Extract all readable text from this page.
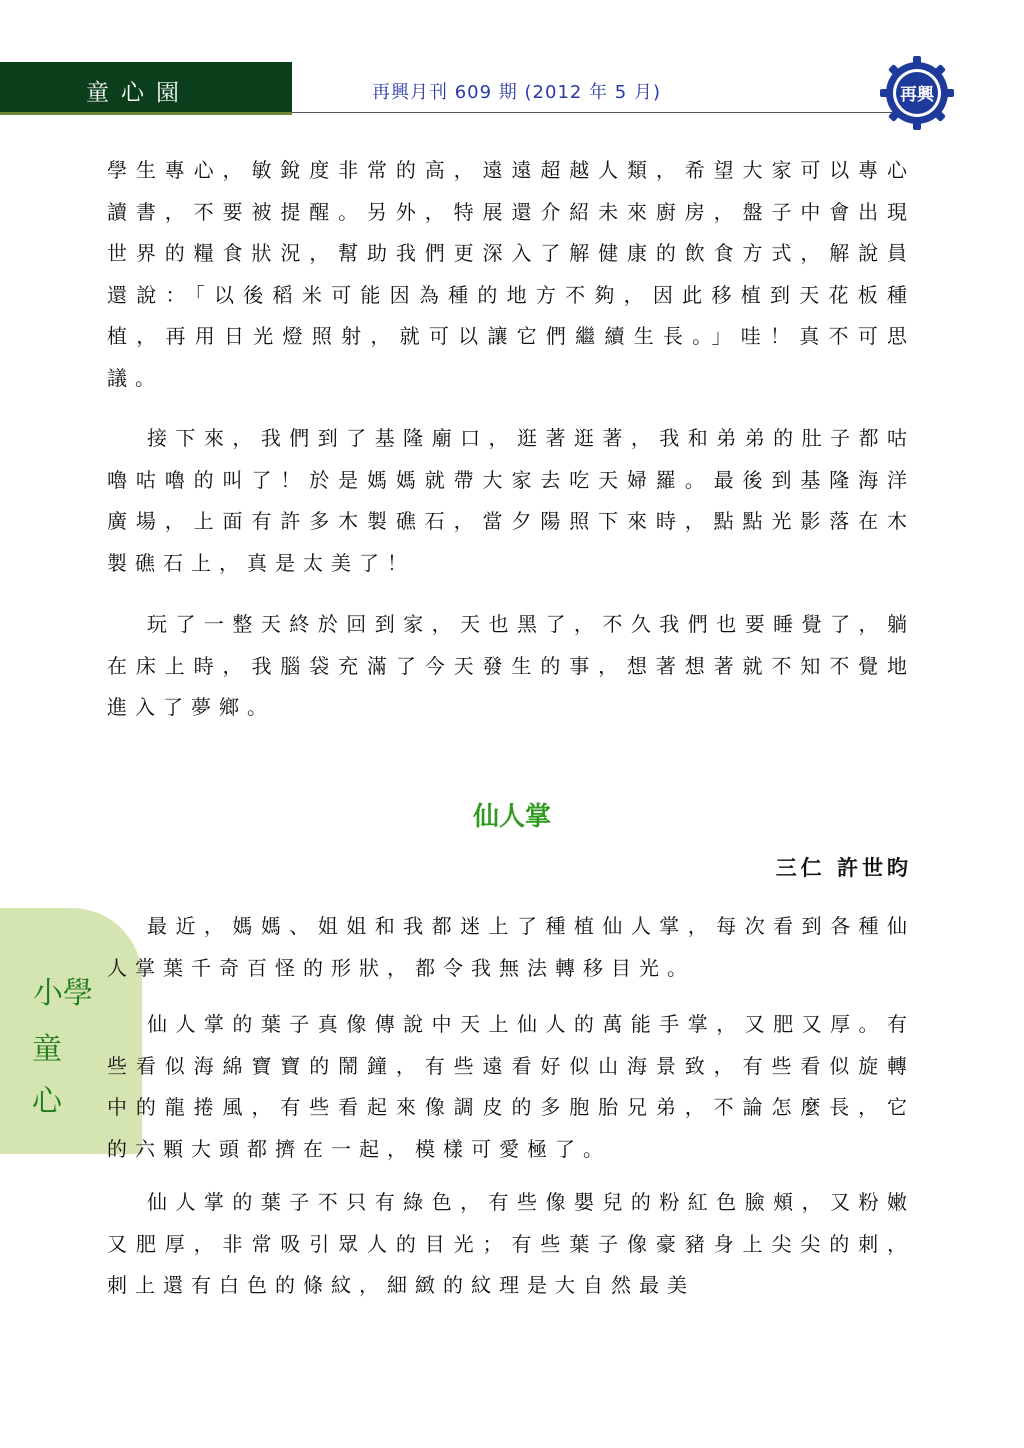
童心園	再興月刊 609 期 (2012 年 5 月)	再興

學生專心，敏銳度非常的高，遠遠超越人類，希望大家可以專心讀書，不要被提醒。另外，特展還介紹未來廚房，盤子中會出現世界的糧食狀況，幫助我們更深入了解健康的飲食方式，解說員還說：「以後稻米可能因為種的地方不夠，因此移植到天花板種植，再用日光燈照射，就可以讓它們繼續生長。」哇！真不可思議。

接下來，我們到了基隆廟口，逛著逛著，我和弟弟的肚子都咕嚕咕嚕的叫了！於是媽媽就帶大家去吃天婦羅。最後到基隆海洋廣場，上面有許多木製礁石，當夕陽照下來時，點點光影落在木製礁石上，真是太美了！

玩了一整天終於回到家，天也黑了，不久我們也要睡覺了，躺在床上時，我腦袋充滿了今天發生的事，想著想著就不知不覺地進入了夢鄉。

仙人掌
三仁 許世昀
小學
童
心

最近，媽媽、姐姐和我都迷上了種植仙人掌，每次看到各種仙人掌葉千奇百怪的形狀，都令我無法轉移目光。

仙人掌的葉子真像傳說中天上仙人的萬能手掌，又肥又厚。有些看似海綿寶寶的鬧鐘，有些遠看好似山海景致，有些看似旋轉中的龍捲風，有些看起來像調皮的多胞胎兄弟，不論怎麼長，它的六顆大頭都擠在一起，模樣可愛極了。

仙人掌的葉子不只有綠色，有些像嬰兒的粉紅色臉頰，又粉嫩又肥厚，非常吸引眾人的目光；有些葉子像豪豬身上尖尖的刺，刺上還有白色的條紋，細緻的紋理是大自然最美
